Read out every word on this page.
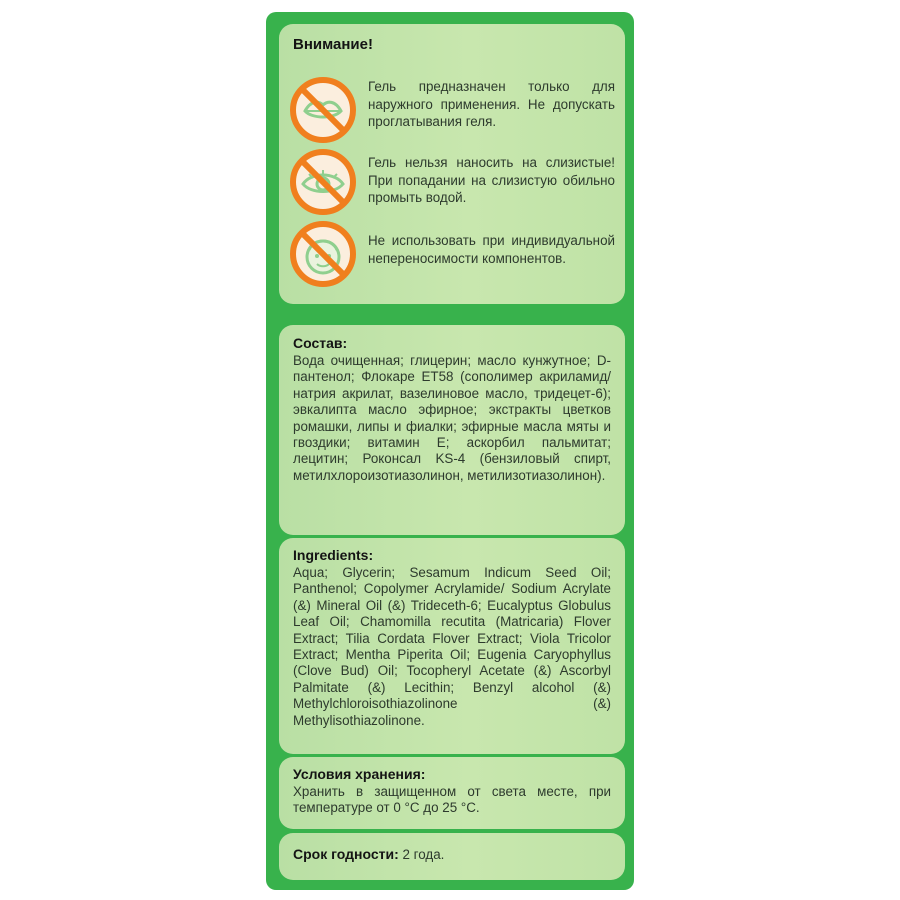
Внимание!

Гель предназначен только для наружного применения. Не допускать проглатывания геля.

Гель нельзя наносить на слизистые! При попадании на слизистую обильно промыть водой.

Не использовать при индивидуальной непереносимости компонентов.

Состав:

Вода очищенная; глицерин; масло кунжутное; D-пантенол; Флокаре ЕТ58 (сополимер акриламид/натрия акрилат, вазелиновое масло, тридецет-6); эвкалипта масло эфирное; экстракты цветков ромашки, липы и фиалки; эфирные масла мяты и гвоздики; витамин Е; аскорбил пальмитат; лецитин; Роконсал KS-4 (бензиловый спирт, метилхлороизотиазолинон, метилизотиазолинон).

Ingredients:

Aqua; Glycerin; Sesamum Indicum Seed Oil; Panthenol; Copolymer Acrylamide/ Sodium Acrylate (&) Mineral Oil (&) Trideceth-6; Eucalyptus Globulus Leaf Oil; Chamomilla recutita (Matricaria) Flover Extract; Tilia Cordata Flover Extract; Viola Tricolor Extract; Mentha Piperita Oil; Eugenia Caryophyllus (Clove Bud) Oil; Tocopheryl Acetate (&) Ascorbyl Palmitate (&) Lecithin; Benzyl alcohol (&) Methylchloroisothiazolinone (&) Methylisothiazolinone.

Условия хранения:

Хранить в защищенном от света месте, при температуре от 0 °С до 25 °С.

Срок годности: 2 года.
